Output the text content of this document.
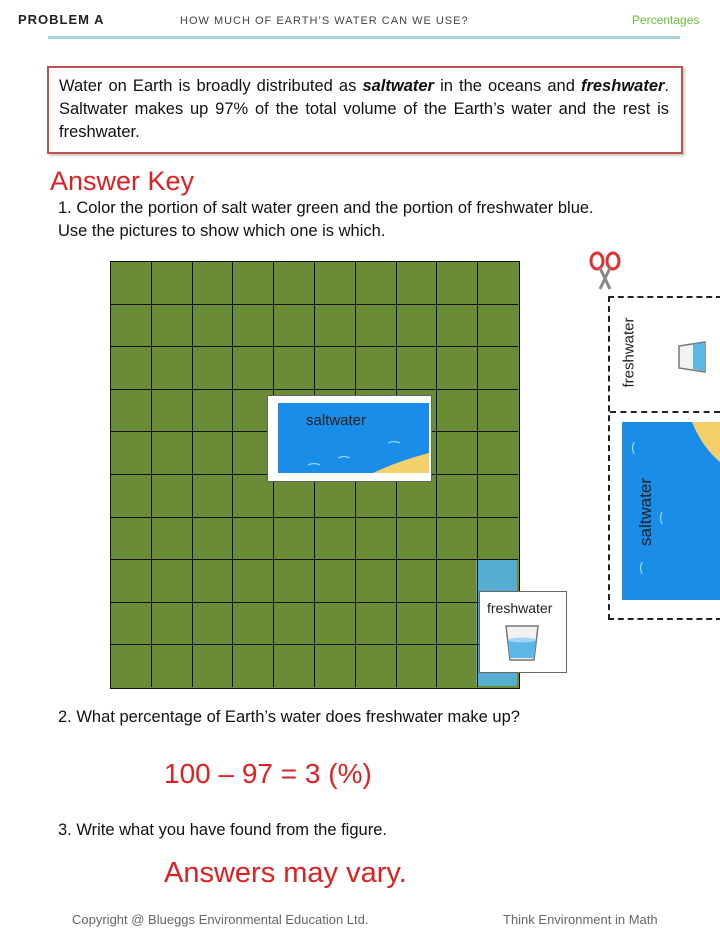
PROBLEM A	HOW MUCH OF EARTH’S WATER CAN WE USE?	Percentages
Water on Earth is broadly distributed as saltwater in the oceans and freshwater. Saltwater makes up 97% of the total volume of the Earth’s water and the rest is freshwater.
Answer Key
1. Color the portion of salt water green and the portion of freshwater blue.
Use the pictures to show which one is which.
saltwater
freshwater
freshwater
saltwater
2. What percentage of Earth’s water does freshwater make up?
100 – 97 = 3 (%)
3. Write what you have found from the figure.
Answers may vary.
Copyright @ Blueggs Environmental Education Ltd.	Think Environment in Math
